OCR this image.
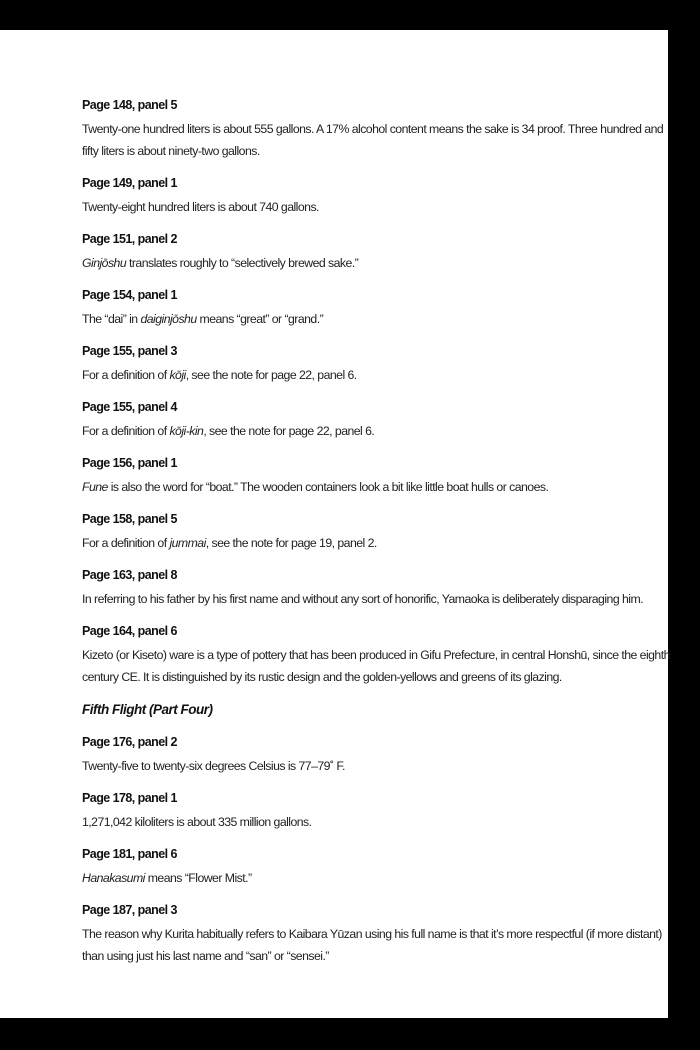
Page 148, panel 5
Twenty-one hundred liters is about 555 gallons. A 17% alcohol content means the sake is 34 proof. Three hundred and
fifty liters is about ninety-two gallons.
Page 149, panel 1
Twenty-eight hundred liters is about 740 gallons.
Page 151, panel 2
Ginjōshu translates roughly to “selectively brewed sake.”
Page 154, panel 1
The “dai” in daiginjōshu means “great” or “grand.”
Page 155, panel 3
For a definition of kōji, see the note for page 22, panel 6.
Page 155, panel 4
For a definition of kōji-kin, see the note for page 22, panel 6.
Page 156, panel 1
Fune is also the word for “boat.” The wooden containers look a bit like little boat hulls or canoes.
Page 158, panel 5
For a definition of jummai, see the note for page 19, panel 2.
Page 163, panel 8
In referring to his father by his first name and without any sort of honorific, Yamaoka is deliberately disparaging him.
Page 164, panel 6
Kizeto (or Kiseto) ware is a type of pottery that has been produced in Gifu Prefecture, in central Honshū, since the eighth
century CE. It is distinguished by its rustic design and the golden-yellows and greens of its glazing.
Fifth Flight (Part Four)
Page 176, panel 2
Twenty-five to twenty-six degrees Celsius is 77–79˚ F.
Page 178, panel 1
1,271,042 kiloliters is about 335 million gallons.
Page 181, panel 6
Hanakasumi means “Flower Mist.”
Page 187, panel 3
The reason why Kurita habitually refers to Kaibara Yūzan using his full name is that it’s more respectful (if more distant)
than using just his last name and “san” or “sensei.”
